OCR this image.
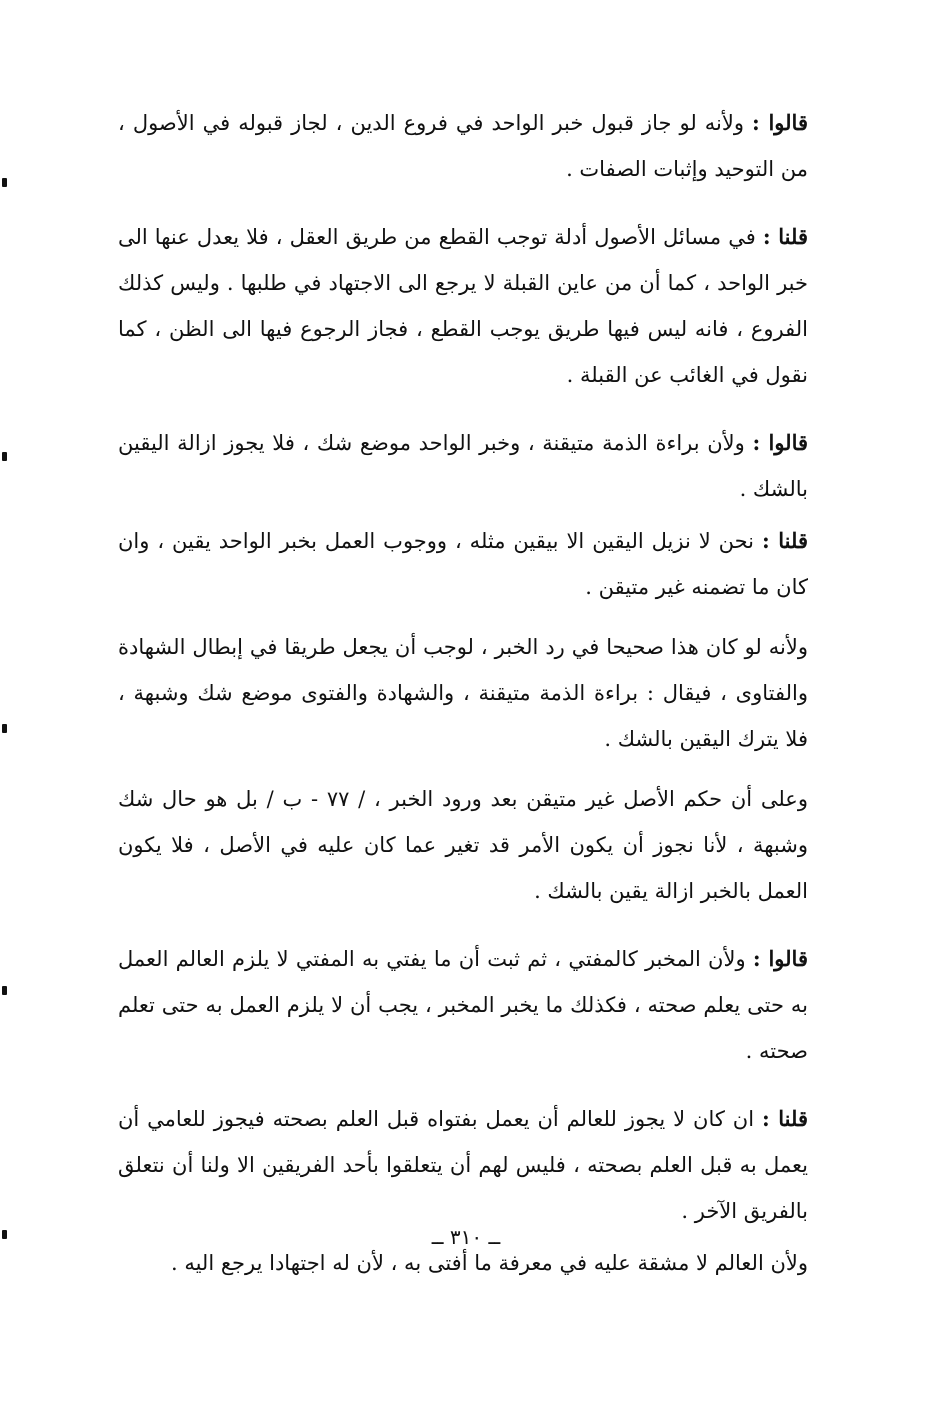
قالوا : ولأنه لو جاز قبول خبر الواحد في فروع الدين ، لجاز قبوله في الأصول ، من التوحيد وإثبات الصفات .

قلنا : في مسائل الأصول أدلة توجب القطع من طريق العقل ، فلا يعدل عنها الى خبر الواحد ، كما أن من عاين القبلة لا يرجع الى الاجتهاد في طلبها . وليس كذلك الفروع ، فانه ليس فيها طريق يوجب القطع ، فجاز الرجوع فيها الى الظن ، كما نقول في الغائب عن القبلة .

قالوا : ولأن براءة الذمة متيقنة ، وخبر الواحد موضع شك ، فلا يجوز ازالة اليقين بالشك .

قلنا : نحن لا نزيل اليقين الا بيقين مثله ، ووجوب العمل بخبر الواحد يقين ، وان كان ما تضمنه غير متيقن .

ولأنه لو كان هذا صحيحا في رد الخبر ، لوجب أن يجعل طريقا في إبطال الشهادة والفتاوى ، فيقال : براءة الذمة متيقنة ، والشهادة والفتوى موضع شك وشبهة ، فلا يترك اليقين بالشك .

وعلى أن حكم الأصل غير متيقن بعد ورود الخبر ، / ٧٧ - ب / بل هو حال شك وشبهة ، لأنا نجوز أن يكون الأمر قد تغير عما كان عليه في الأصل ، فلا يكون العمل بالخبر ازالة يقين بالشك .

قالوا : ولأن المخبر كالمفتي ، ثم ثبت أن ما يفتي به المفتي لا يلزم العالم العمل به حتى يعلم صحته ، فكذلك ما يخبر المخبر ، يجب أن لا يلزم العمل به حتى تعلم صحته .

قلنا : ان كان لا يجوز للعالم أن يعمل بفتواه قبل العلم بصحته فيجوز للعامي أن يعمل به قبل العلم بصحته ، فليس لهم أن يتعلقوا بأحد الفريقين الا ولنا أن نتعلق بالفريق الآخر .

ولأن العالم لا مشقة عليه في معرفة ما أفتى به ، لأن له اجتهادا يرجع اليه .

ــ ٣١٠ ــ
